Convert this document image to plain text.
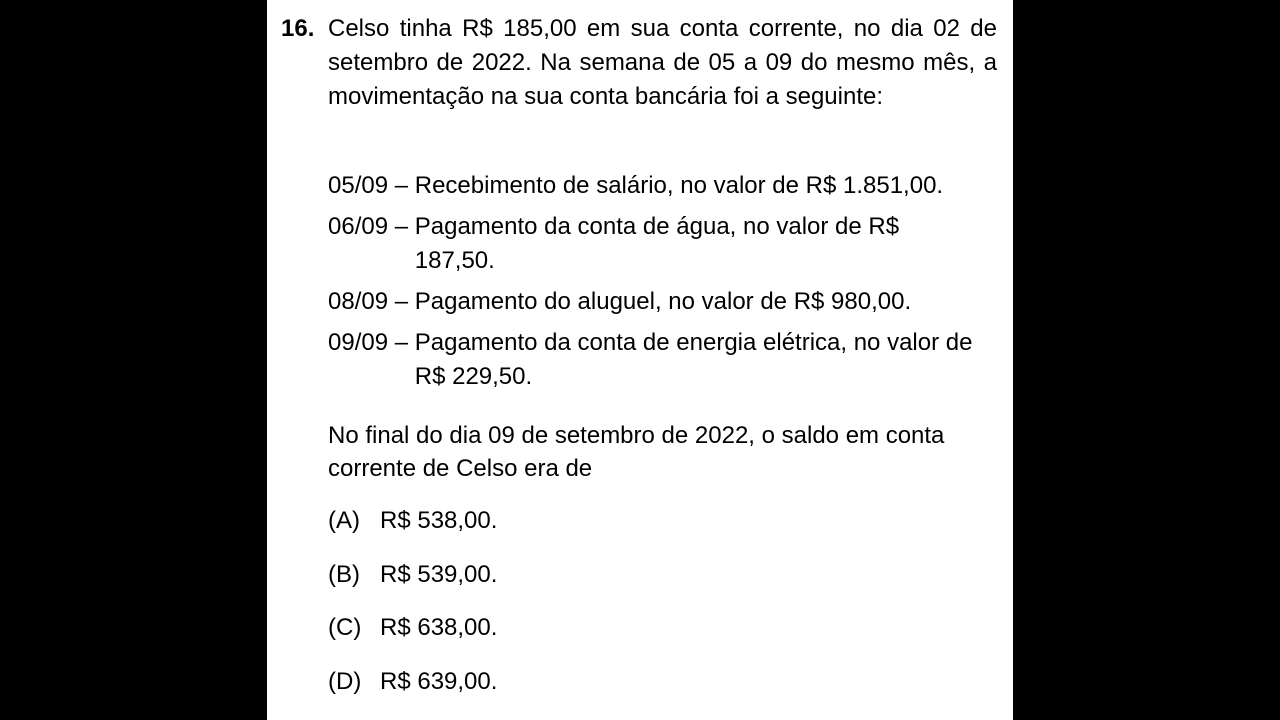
16. Celso tinha R$ 185,00 em sua conta corrente, no dia 02 de setembro de 2022. Na semana de 05 a 09 do mesmo mês, a movimentação na sua conta bancária foi a seguinte:
05/09 – Recebimento de salário, no valor de R$ 1.851,00.
06/09 – Pagamento da conta de água, no valor de R$ 187,50.
08/09 – Pagamento do aluguel, no valor de R$ 980,00.
09/09 – Pagamento da conta de energia elétrica, no valor de R$ 229,50.
No final do dia 09 de setembro de 2022, o saldo em conta corrente de Celso era de
(A) R$ 538,00.
(B) R$ 539,00.
(C) R$ 638,00.
(D) R$ 639,00.
